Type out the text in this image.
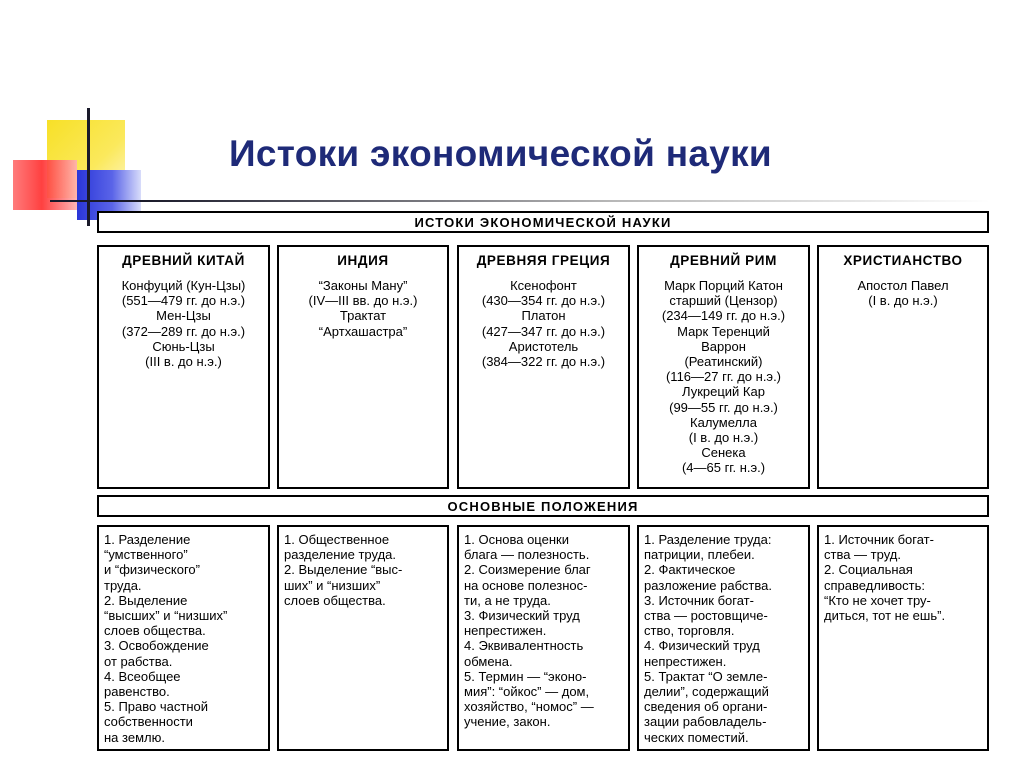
Истоки экономической науки
ИСТОКИ ЭКОНОМИЧЕСКОЙ НАУКИ
ДРЕВНИЙ КИТАЙ
Конфуций (Кун-Цзы)
(551—479 гг. до н.э.)
Мен-Цзы
(372—289 гг. до н.э.)
Сюнь-Цзы
(III в. до н.э.)
ИНДИЯ
“Законы Ману”
(IV—III вв. до н.э.)
Трактат
“Артхашастра”
ДРЕВНЯЯ ГРЕЦИЯ
Ксенофонт
(430—354 гг. до н.э.)
Платон
(427—347 гг. до н.э.)
Аристотель
(384—322 гг. до н.э.)
ДРЕВНИЙ РИМ
Марк Порций Катон
старший (Цензор)
(234—149 гг. до н.э.)
Марк Теренций
Варрон
(Реатинский)
(116—27 гг. до н.э.)
Лукреций Кар
(99—55 гг. до н.э.)
Калумелла
(I в. до н.э.)
Сенека
(4—65 гг. н.э.)
ХРИСТИАНСТВО
Апостол Павел
(I в. до н.э.)
ОСНОВНЫЕ ПОЛОЖЕНИЯ
1. Разделение
“умственного”
и “физического”
труда.
2. Выделение
“высших” и “низших”
слоев общества.
3. Освобождение
от рабства.
4. Всеобщее
равенство.
5. Право частной
собственности
на землю.
1. Общественное
разделение труда.
2. Выделение “выс-
ших” и “низших”
слоев общества.
1. Основа оценки
блага — полезность.
2. Соизмерение благ
на основе полезнос-
ти, а не труда.
3. Физический труд
непрестижен.
4. Эквивалентность
обмена.
5. Термин — “эконо-
мия”: “ойкос” — дом,
хозяйство, “номос” —
учение, закон.
1. Разделение труда:
патриции, плебеи.
2. Фактическое
разложение рабства.
3. Источник богат-
ства — ростовщиче-
ство, торговля.
4. Физический труд
непрестижен.
5. Трактат “О земле-
делии”, содержащий
сведения об органи-
зации рабовладель-
ческих поместий.
1. Источник богат-
ства — труд.
2. Социальная
справедливость:
“Кто не хочет тру-
диться, тот не ешь”.
